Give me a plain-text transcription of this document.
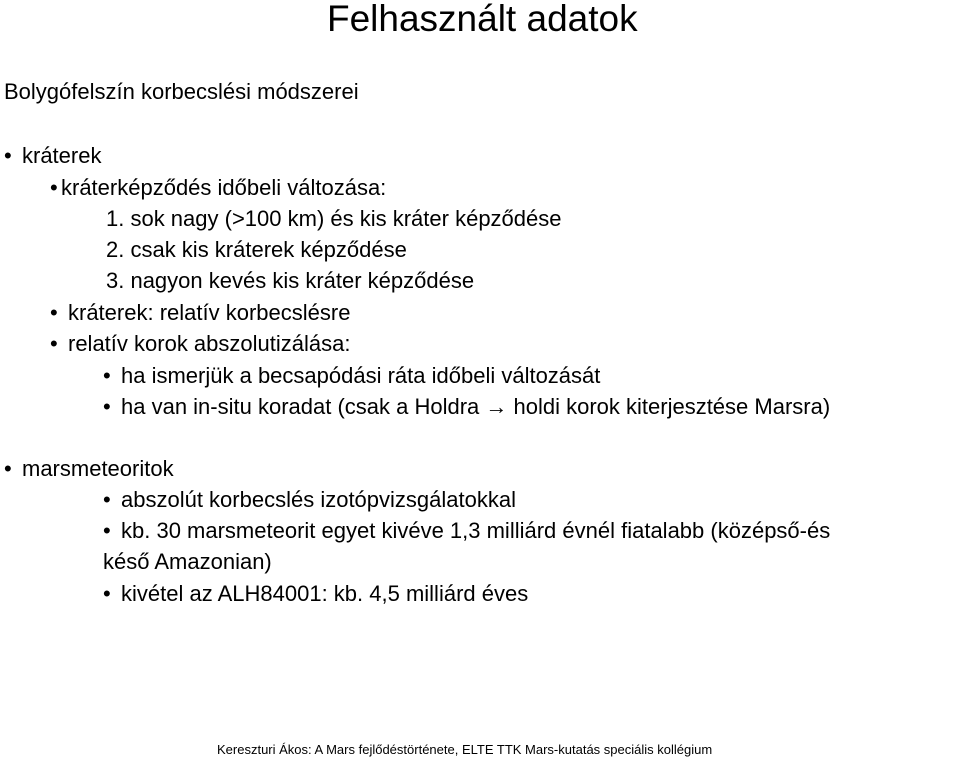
Felhasznált adatok
Bolygófelszín korbecslési módszerei
• kráterek
• kráterképződés időbeli változása:
1. sok nagy (>100 km) és kis kráter képződése
2. csak kis kráterek képződése
3. nagyon kevés kis kráter képződése
• kráterek: relatív korbecslésre
• relatív korok abszolutizálása:
• ha ismerjük a becsapódási ráta időbeli változását
• ha van in-situ koradat (csak a Holdra → holdi korok kiterjesztése Marsra)
• marsmeteoritok
• abszolút korbecslés izotópvizsgálatokkal
• kb. 30 marsmeteorit egyet kivéve 1,3 milliárd évnél fiatalabb (középső-és
késő Amazonian)
• kivétel az ALH84001: kb. 4,5 milliárd éves
Kereszturi Ákos: A Mars fejlődéstörténete, ELTE TTK Mars-kutatás speciális kollégium
